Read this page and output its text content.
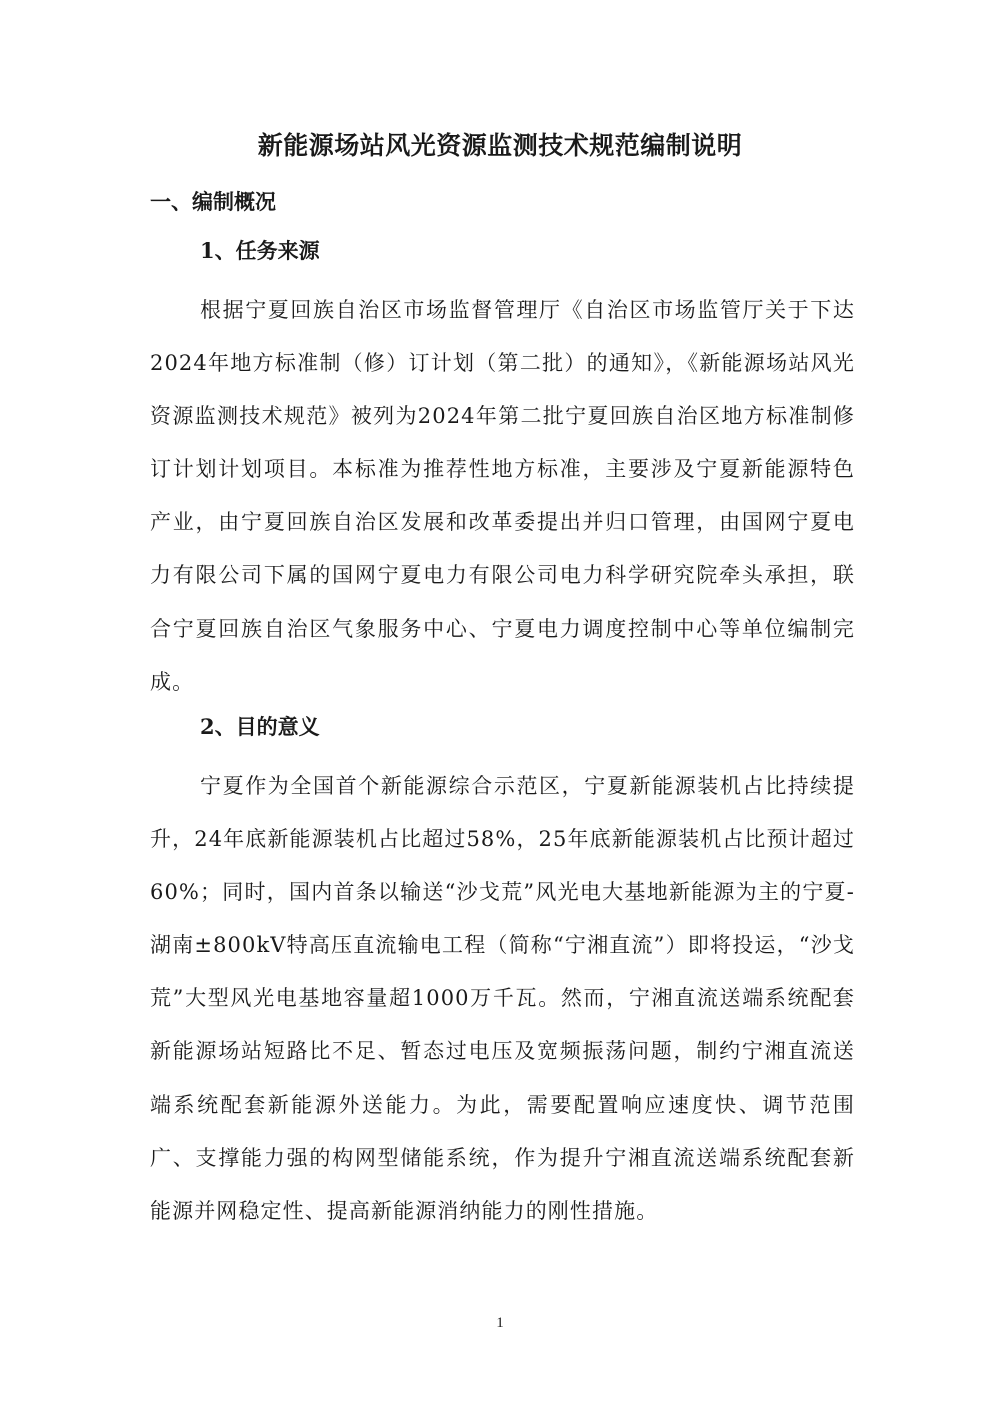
新能源场站风光资源监测技术规范编制说明
一、编制概况
1、任务来源

根据宁夏回族自治区市场监督管理厅《自治区市场监管厅关于下达2024年地方标准制（修）订计划（第二批）的通知》，《新能源场站风光资源监测技术规范》被列为2024年第二批宁夏回族自治区地方标准制修订计划计划项目。本标准为推荐性地方标准，主要涉及宁夏新能源特色产业，由宁夏回族自治区发展和改革委提出并归口管理，由国网宁夏电力有限公司下属的国网宁夏电力有限公司电力科学研究院牵头承担，联合宁夏回族自治区气象服务中心、宁夏电力调度控制中心等单位编制完成。

2、目的意义

宁夏作为全国首个新能源综合示范区，宁夏新能源装机占比持续提升，24年底新能源装机占比超过58%，25年底新能源装机占比预计超过60%；同时，国内首条以输送“沙戈荒”风光电大基地新能源为主的宁夏-湖南±800kV特高压直流输电工程（简称“宁湘直流”）即将投运，“沙戈荒”大型风光电基地容量超1000万千瓦。然而，宁湘直流送端系统配套新能源场站短路比不足、暂态过电压及宽频振荡问题，制约宁湘直流送端系统配套新能源外送能力。为此，需要配置响应速度快、调节范围广、支撑能力强的构网型储能系统，作为提升宁湘直流送端系统配套新能源并网稳定性、提高新能源消纳能力的刚性措施。

1
